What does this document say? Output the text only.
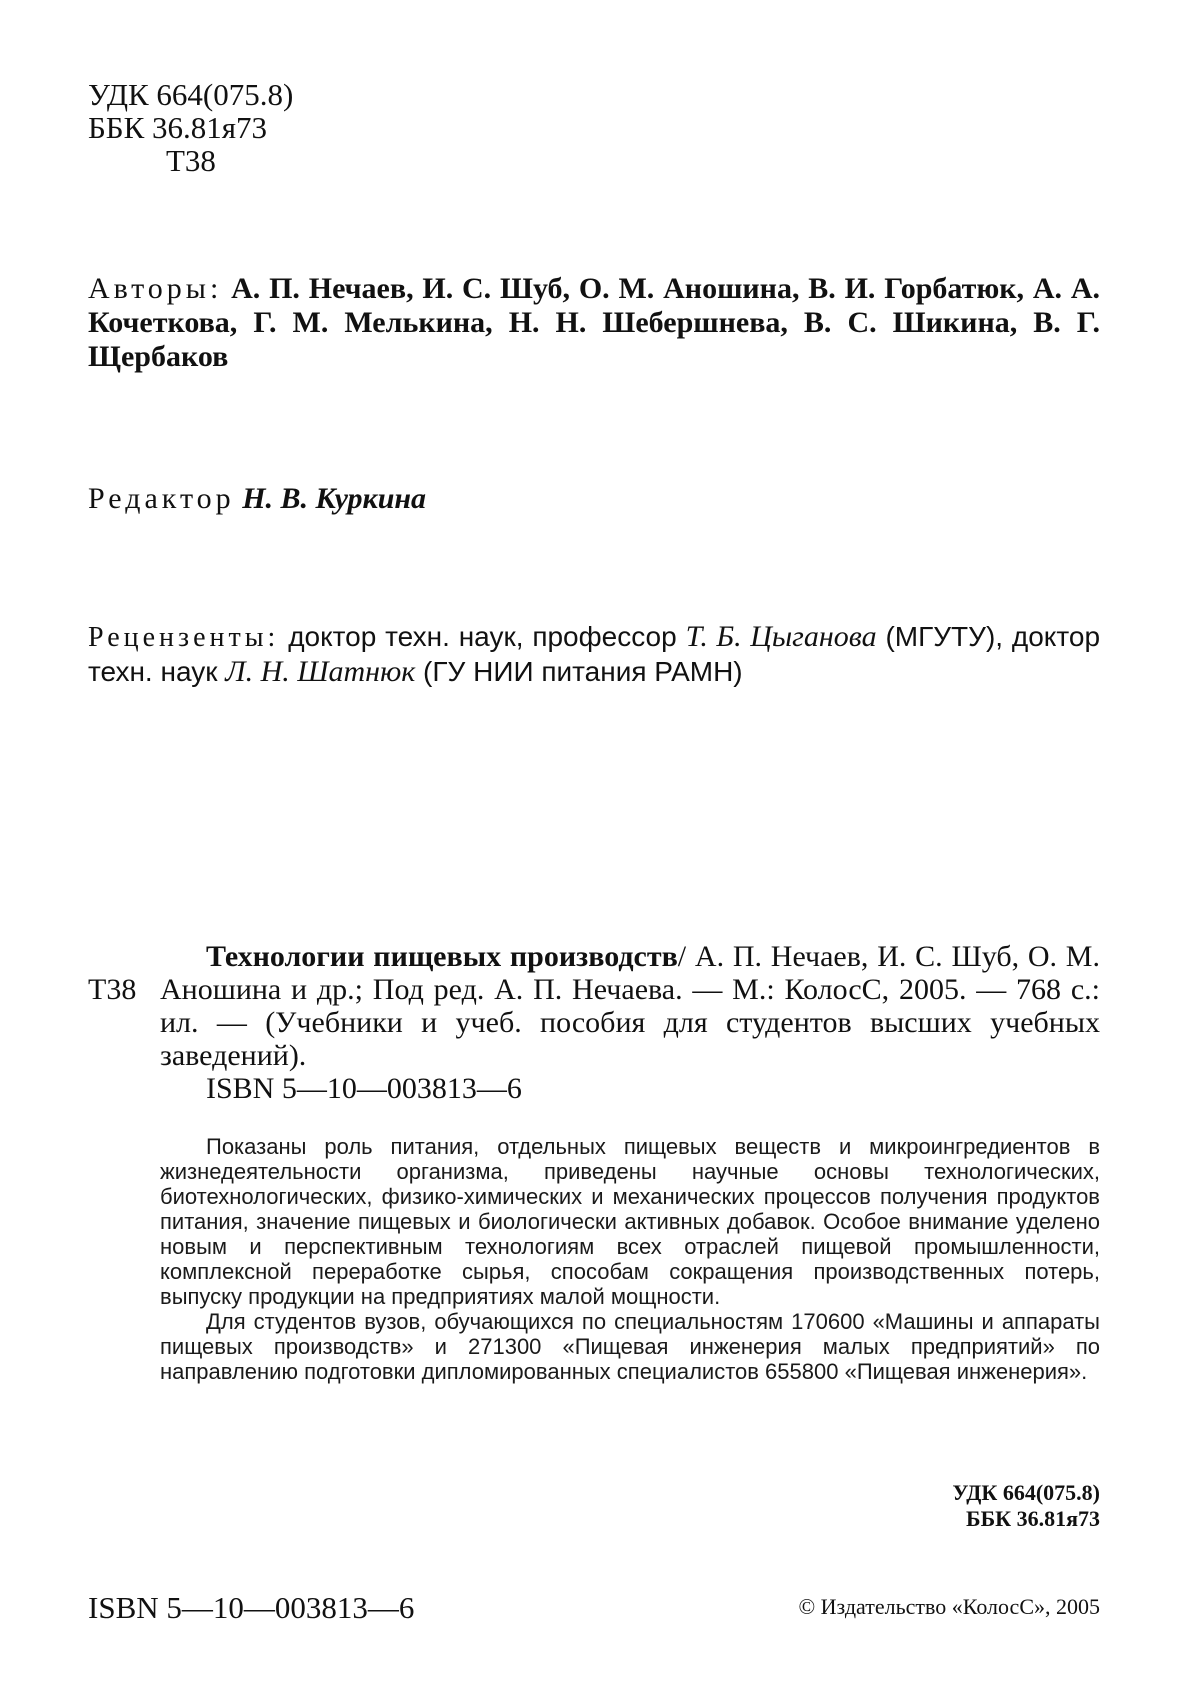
УДК 664(075.8)
ББК 36.81я73
Т38
Авторы: А. П. Нечаев, И. С. Шуб, О. М. Аношина, В. И. Горбатюк, А. А. Кочеткова, Г. М. Мелькина, Н. Н. Шебершнева, В. С. Шикина, В. Г. Щербаков
Редактор Н. В. Куркина
Рецензенты: доктор техн. наук, профессор Т. Б. Цыганова (МГУТУ), доктор техн. наук Л. Н. Шатнюк (ГУ НИИ питания РАМН)
Т38
Технологии пищевых производств/ А. П. Нечаев, И. С. Шуб, О. М. Аношина и др.; Под ред. А. П. Нечаева. — М.: КолосС, 2005. — 768 с.: ил. — (Учебники и учеб. пособия для студентов высших учебных заведений).
ISBN 5—10—003813—6

Показаны роль питания, отдельных пищевых веществ и микроингредиентов в жизнедеятельности организма, приведены научные основы технологических, биотехнологических, физико-химических и механических процессов получения продуктов питания, значение пищевых и биологически активных добавок. Особое внимание уделено новым и перспективным технологиям всех отраслей пищевой промышленности, комплексной переработке сырья, способам сокращения производственных потерь, выпуску продукции на предприятиях малой мощности.

Для студентов вузов, обучающихся по специальностям 170600 «Машины и аппараты пищевых производств» и 271300 «Пищевая инженерия малых предприятий» по направлению подготовки дипломированных специалистов 655800 «Пищевая инженерия».

УДК 664(075.8)
ББК 36.81я73
ISBN 5—10—003813—6	© Издательство «КолосС», 2005
